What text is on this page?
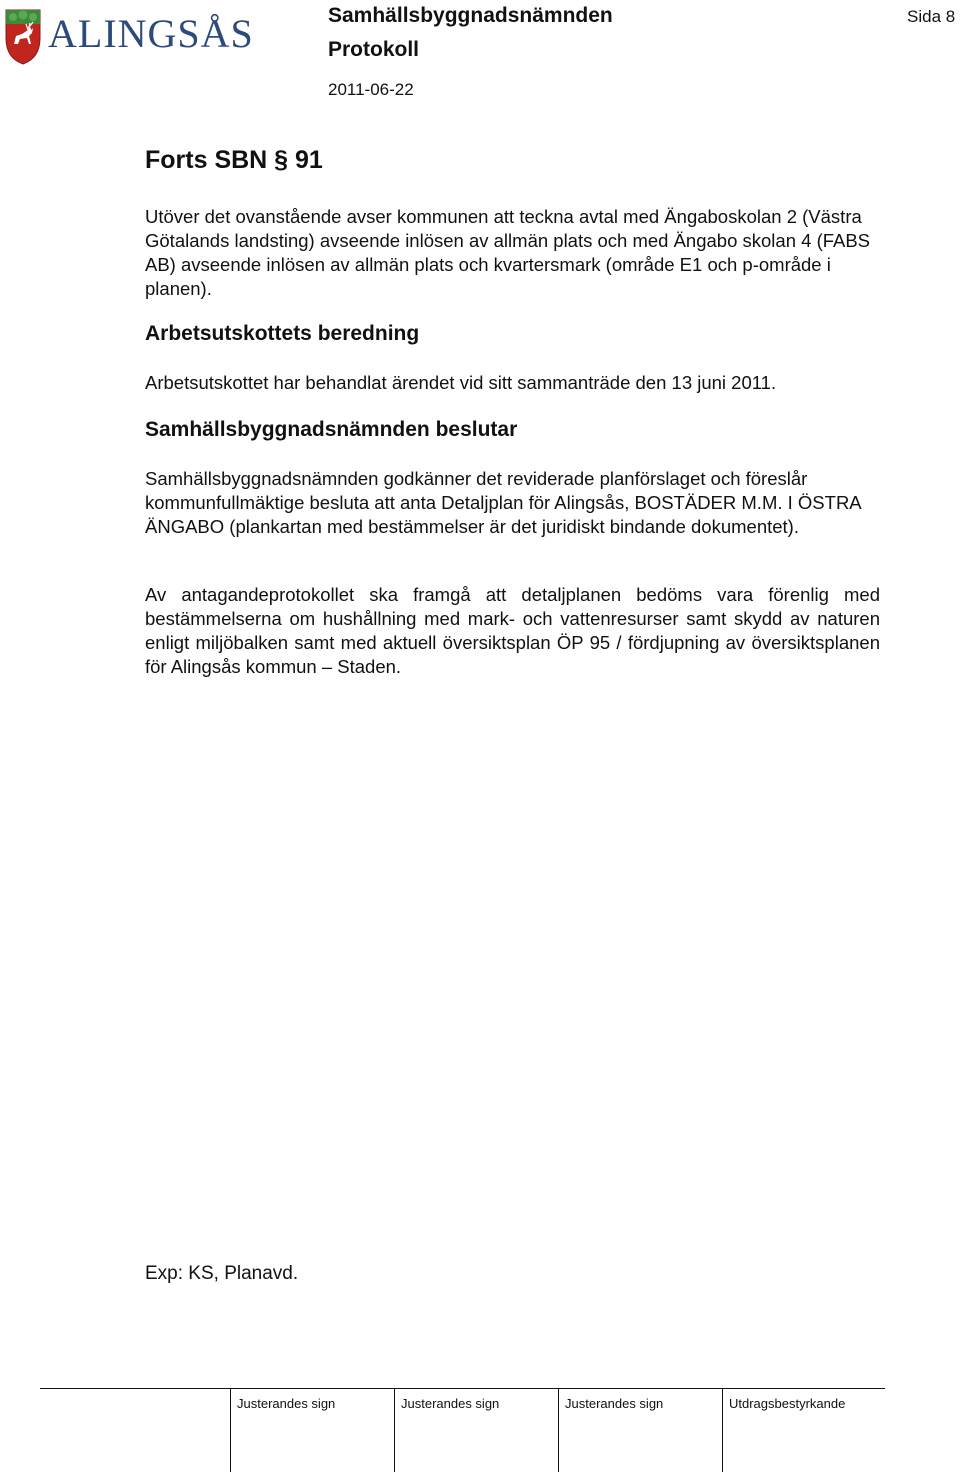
ALINGSÅS	Samhällsbyggnadsnämnden
Protokoll
2011-06-22
Sida 8
Forts SBN § 91
Utöver det ovanstående avser kommunen att teckna avtal med Ängaboskolan 2 (Västra Götalands landsting) avseende inlösen av allmän plats och med Ängabo skolan 4 (FABS AB) avseende inlösen av allmän plats och kvartersmark (område E1 och p-område i planen).
Arbetsutskottets beredning
Arbetsutskottet har behandlat ärendet vid sitt sammanträde den 13 juni 2011.
Samhällsbyggnadsnämnden beslutar
Samhällsbyggnadsnämnden godkänner det reviderade planförslaget och föreslår kommunfullmäktige besluta att anta Detaljplan för Alingsås, BOSTÄDER M.M. I ÖSTRA ÄNGABO (plankartan med bestämmelser är det juridiskt bindande dokumentet).
Av antagandeprotokollet ska framgå att detaljplanen bedöms vara förenlig med bestämmelserna om hushållning med mark- och vattenresurser samt skydd av naturen enligt miljöbalken samt med aktuell översiktsplan ÖP 95 / fördjupning av översiktsplanen för Alingsås kommun – Staden.
Exp: KS, Planavd.
Justerandes sign	Justerandes sign	Justerandes sign	Utdragsbestyrkande
